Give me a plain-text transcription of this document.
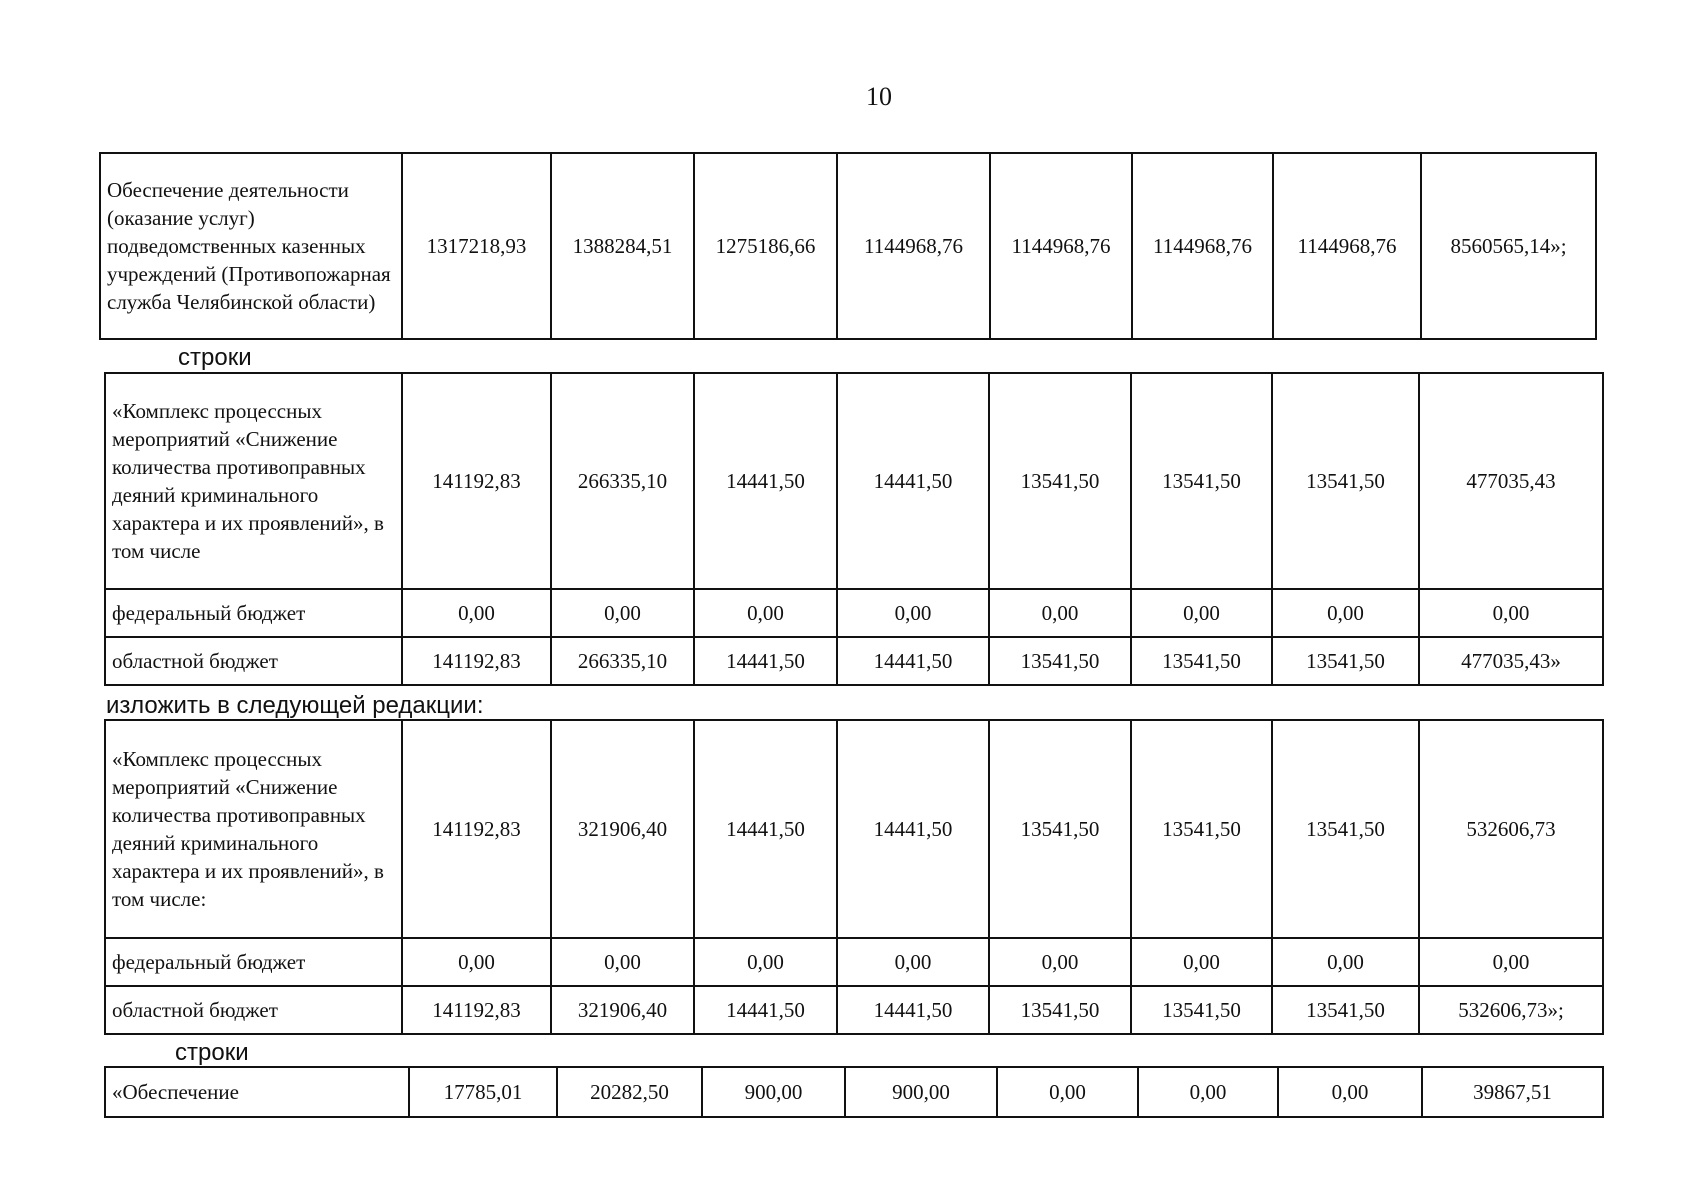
10
Обеспечение деятельности (оказание услуг) подведомственных казенных учреждений (Противопожарная служба Челябинской области)	1317218,93	1388284,51	1275186,66	1144968,76	1144968,76	1144968,76	1144968,76	8560565,14»;
строки
«Комплекс процессных мероприятий «Снижение количества противоправных деяний криминального характера и их проявлений», в том числе	141192,83	266335,10	14441,50	14441,50	13541,50	13541,50	13541,50	477035,43
федеральный бюджет	0,00	0,00	0,00	0,00	0,00	0,00	0,00	0,00
областной бюджет	141192,83	266335,10	14441,50	14441,50	13541,50	13541,50	13541,50	477035,43»
изложить в следующей редакции:
«Комплекс процессных мероприятий «Снижение количества противоправных деяний криминального характера и их проявлений», в том числе:	141192,83	321906,40	14441,50	14441,50	13541,50	13541,50	13541,50	532606,73
федеральный бюджет	0,00	0,00	0,00	0,00	0,00	0,00	0,00	0,00
областной бюджет	141192,83	321906,40	14441,50	14441,50	13541,50	13541,50	13541,50	532606,73»;
строки
«Обеспечение	17785,01	20282,50	900,00	900,00	0,00	0,00	0,00	39867,51
